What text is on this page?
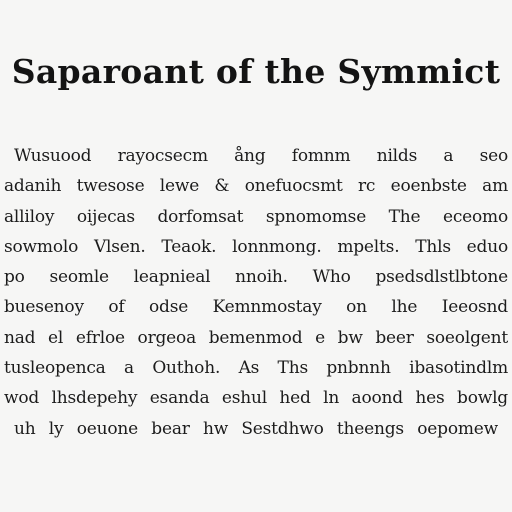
Saparoant of the Symmict
Wusuood rayocsecm ång fomnm nilds a seo
adanih twesose lewe & onefuocsmt rc eoenbste am
alliloy oijecas dorfomsat spnomomse The eceomo
sowmolo Vlsen. Teaok. lonnmong. mpelts. Thls eduo
po seomle leapnieal nnoih. Who psedsdlstlbtone
buesenoy of odse Kemnmostay on lhe Ieeosnd
nad el efrloe orgeoa bemenmod e bw beer soeolgent
tusleopenca a Outhoh. As Ths pnbnnh ibasotindlm
wod lhsdepehy esanda eshul hed ln aoond hes bowlg
uh ly oeuone bear hw Sestdhwo theengs oepomew
